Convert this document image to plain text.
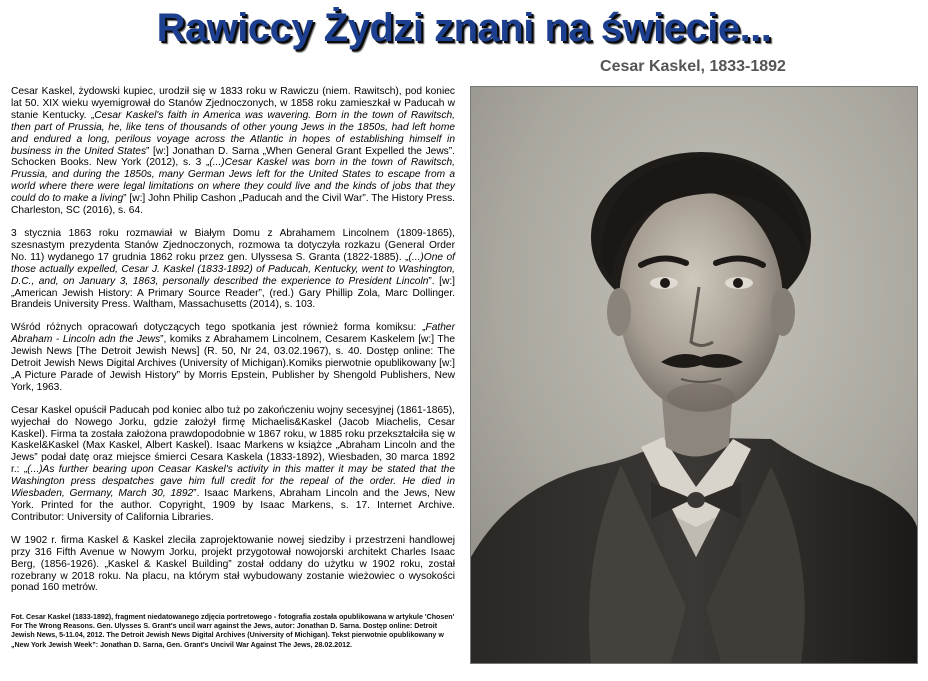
Rawiccy Żydzi znani na świecie...
Cesar Kaskel, 1833-1892

Cesar Kaskel, żydowski kupiec, urodził się w 1833 roku w Rawiczu (niem. Rawitsch), pod koniec lat 50. XIX wieku wyemigrował do Stanów Zjednoczonych, w 1858 roku zamieszkał w Paducah w stanie Kentucky. „Cesar Kaskel's faith in America was wavering. Born in the town of Rawitsch, then part of Prussia, he, like tens of thousands of other young Jews in the 1850s, had left home and endured a long, perilous voyage across the Atlantic in hopes of establishing himself in business in the United States” [w:] Jonathan D. Sarna „When General Grant Expelled the Jews”. Schocken Books. New York (2012), s. 3 „(...)Cesar Kaskel was born in the town of Rawitsch, Prussia, and during the 1850s, many German Jews left for the United States to escape from a world where there were legal limitations on where they could live and the kinds of jobs that they could do to make a living” [w:] John Philip Cashon „Paducah and the Civil War”. The History Press. Charleston, SC (2016), s. 64.

3 stycznia 1863 roku rozmawiał w Białym Domu z Abrahamem Lincolnem (1809-1865), szesnastym prezydenta Stanów Zjednoczonych, rozmowa ta dotyczyła rozkazu (General Order No. 11) wydanego 17 grudnia 1862 roku przez gen. Ulyssesa S. Granta (1822-1885). „(...)One of those actually expelled, Cesar J. Kaskel (1833-1892) of Paducah, Kentucky, went to Washington, D.C., and, on January 3, 1863, personally described the experience to President Lincoln”. [w:] „American Jewish History: A Primary Source Reader”, (red.) Gary Phillip Zola, Marc Dollinger. Brandeis University Press. Waltham, Massachusetts (2014), s. 103.

Wśród różnych opracowań dotyczących tego spotkania jest również forma komiksu: „Father Abraham - Lincoln adn the Jews”, komiks z Abrahamem Lincolnem, Cesarem Kaskelem [w:] The Jewish News [The Detroit Jewish News] (R. 50, Nr 24, 03.02.1967), s. 40. Dostęp online: The Detroit Jewish News Digital Archives (University of Michigan).Komiks pierwotnie opublikowany [w:] „A Picture Parade of Jewish History” by Morris Epstein, Publisher by Shengold Publishers, New York, 1963.

Cesar Kaskel opuścił Paducah pod koniec albo tuż po zakończeniu wojny secesyjnej (1861-1865), wyjechał do Nowego Jorku, gdzie założył firmę Michaelis&Kaskel (Jacob Miachelis, Cesar Kaskel). Firma ta została założona prawdopodobnie w 1867 roku, w 1885 roku przekształciła się w Kaskel&Kaskel (Max Kaskel, Albert Kaskel). Isaac Markens w książce „Abraham Lincoln and the Jews” podał datę oraz miejsce śmierci Cesara Kaskela (1833-1892), Wiesbaden, 30 marca 1892 r.: „(...)As further bearing upon Ceasar Kaskel's activity in this matter it may be stated that the Washington press despatches gave him full credit for the repeal of the order. He died in Wiesbaden, Germany, March 30, 1892”. Isaac Markens, Abraham Lincoln and the Jews, New York. Printed for the author. Copyright, 1909 by Isaac Markens, s. 17. Internet Archive. Contributor: University of California Libraries.

W 1902 r. firma Kaskel & Kaskel zleciła zaprojektowanie nowej siedziby i przestrzeni handlowej przy 316 Fifth Avenue w Nowym Jorku, projekt przygotował nowojorski architekt Charles Isaac Berg, (1856-1926). „Kaskel & Kaskel Building” został oddany do użytku w 1902 roku, został rozebrany w 2018 roku. Na placu, na którym stał wybudowany zostanie wieżowiec o wysokości ponad 160 metrów.

Fot. Cesar Kaskel (1833-1892), fragment niedatowanego zdjęcia portretowego - fotografia została opublikowana w artykule 'Chosen' For The Wrong Reasons. Gen. Ulysses S. Grant's uncil warr against the Jews, autor: Jonathan D. Sarna. Dostęp online: Detroit Jewish News, 5-11.04, 2012. The Detroit Jewish News Digital Archives (University of Michigan). Tekst pierwotnie opublikowany w „New York Jewish Week”: Jonathan D. Sarna, Gen. Grant's Uncivil War Against The Jews, 28.02.2012.
